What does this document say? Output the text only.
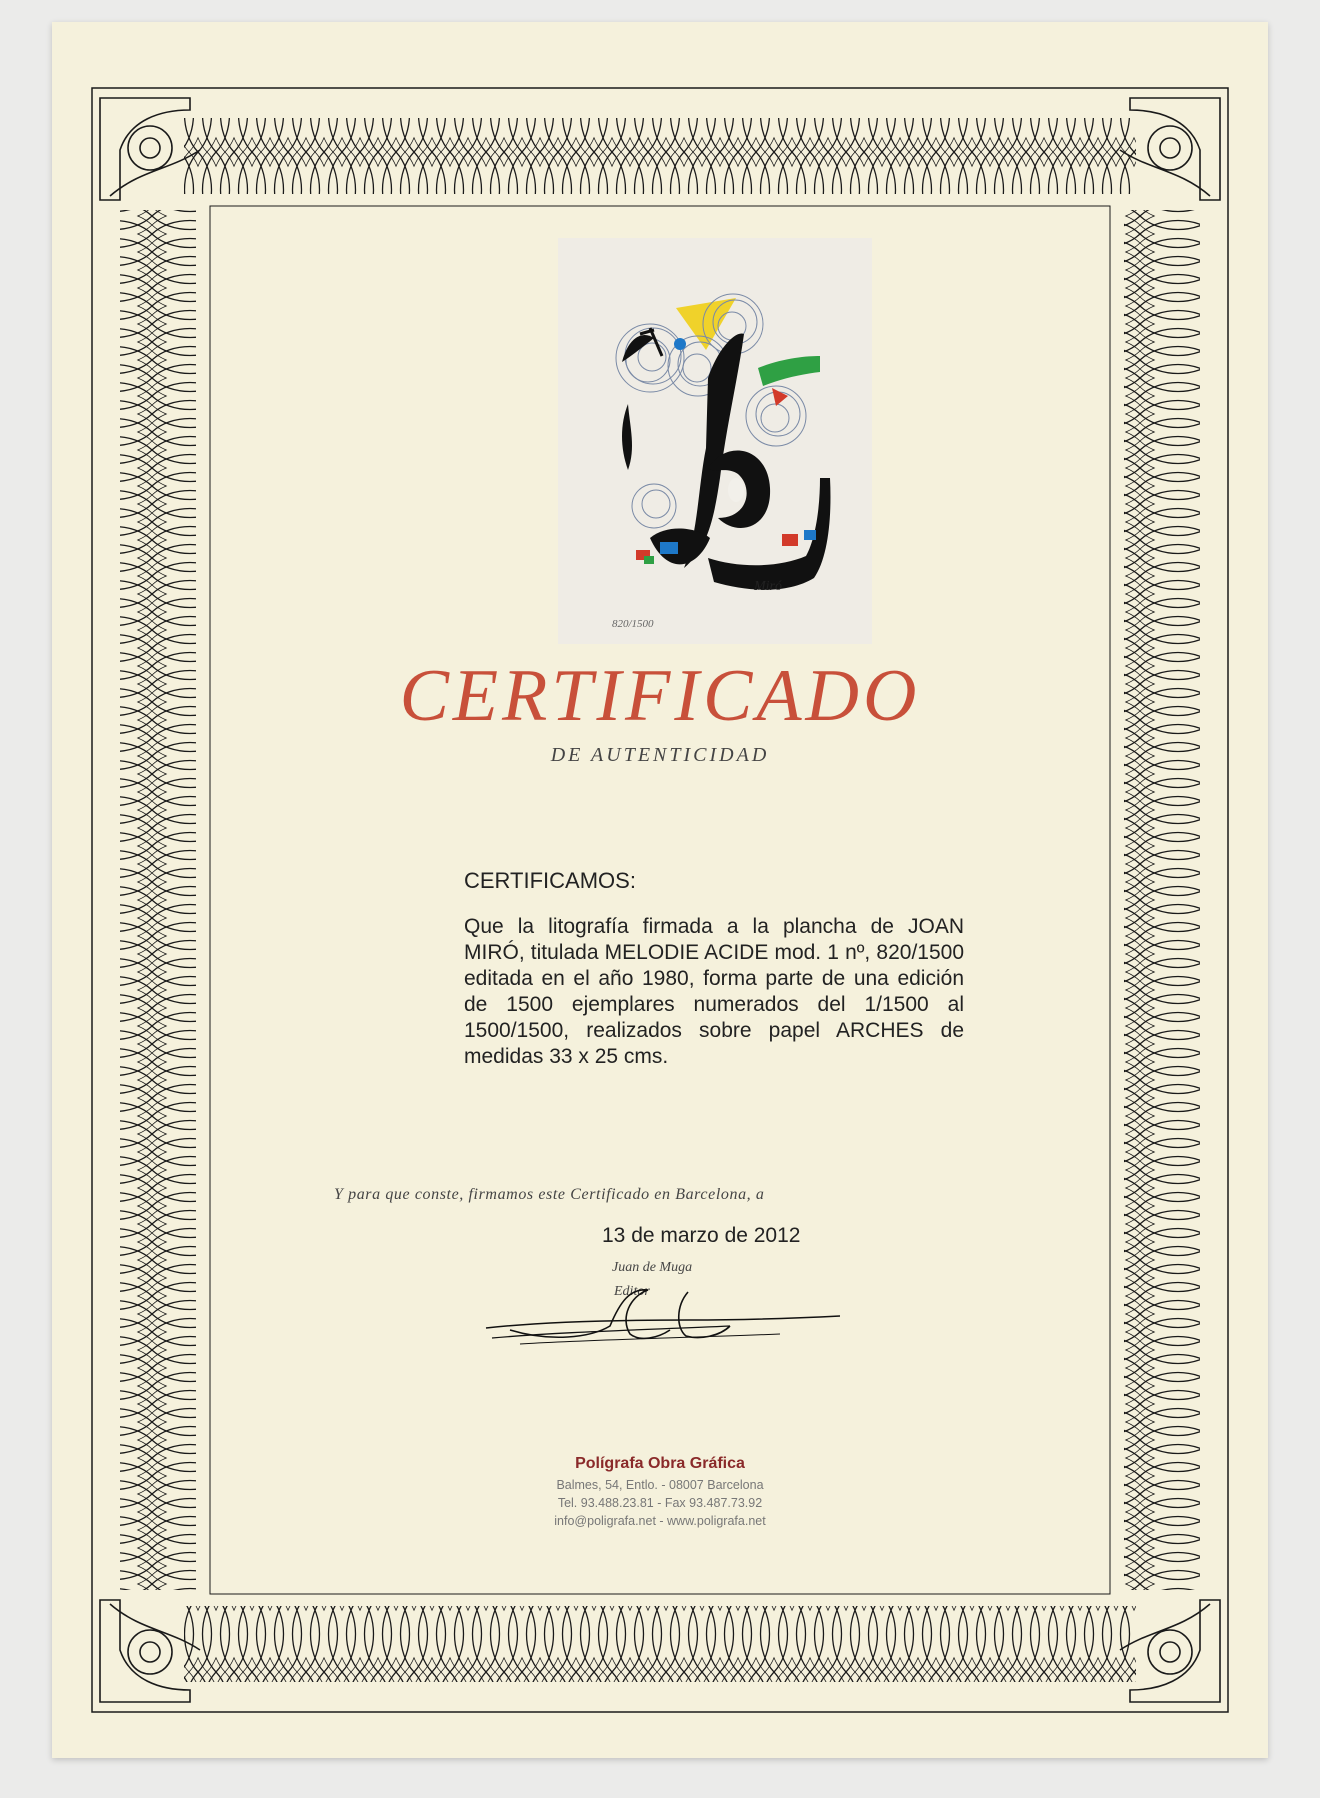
Miró
820/1500
CERTIFICADO
DE AUTENTICIDAD
CERTIFICAMOS:
Que la litografía firmada a la plancha de JOAN MIRÓ, titulada MELODIE ACIDE mod. 1 nº, 820/1500 editada en el año 1980, forma parte de una edición de 1500 ejemplares numerados del 1/1500 al 1500/1500, realizados sobre papel ARCHES de medidas 33 x 25 cms.
Y para que conste, firmamos este Certificado en Barcelona, a
13 de marzo de 2012
Juan de Muga
Editor
Polígrafa Obra Gráfica
Balmes, 54, Entlo. - 08007 Barcelona
Tel. 93.488.23.81 - Fax 93.487.73.92
info@poligrafa.net - www.poligrafa.net
